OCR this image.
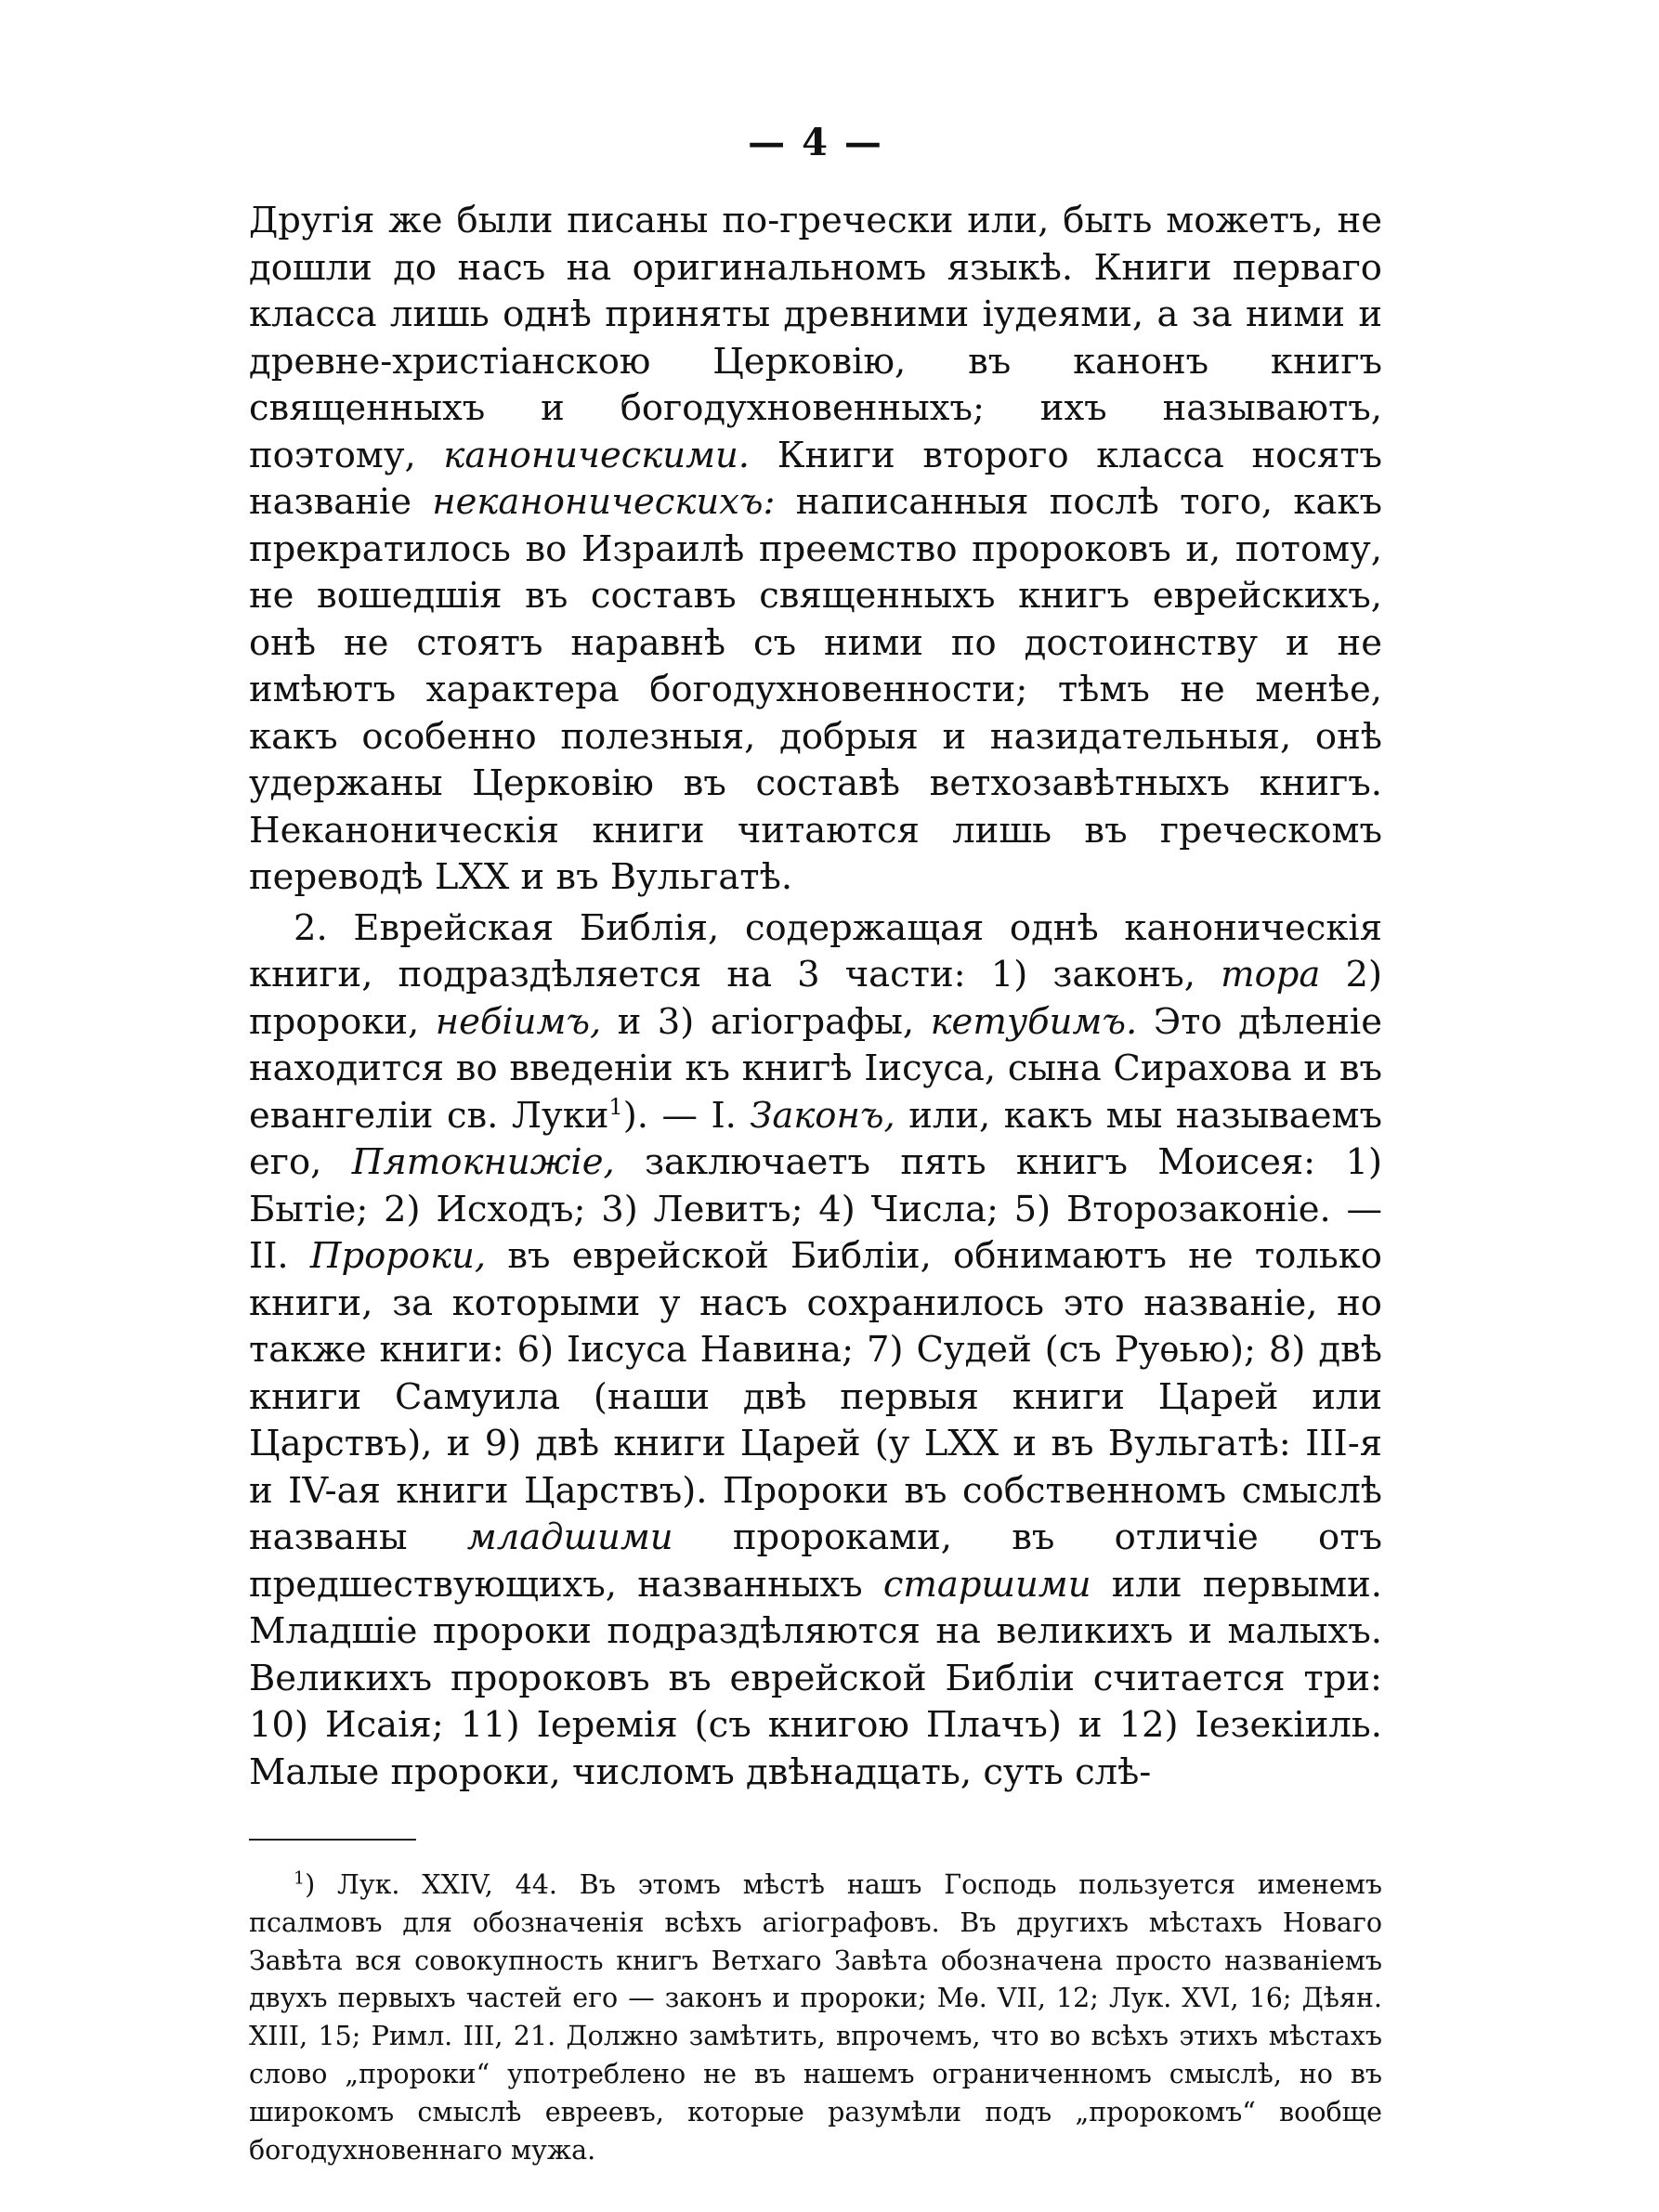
— 4 —

Другія же были писаны по-гречески или, быть можетъ, не дошли до насъ на оригинальномъ языкѣ. Книги перваго класса лишь однѣ приняты древними іудеями, а за ними и древне-христіанскою Церковію, въ канонъ книгъ священныхъ и богодухновенныхъ; ихъ называютъ, поэтому, каноническими. Книги второго класса носятъ названіе неканоническихъ: написанныя послѣ того, какъ прекратилось во Израилѣ преемство пророковъ и, потому, не вошедшія въ составъ священныхъ книгъ еврейскихъ, онѣ не стоятъ наравнѣ съ ними по достоинству и не имѣютъ характера богодухновенности; тѣмъ не менѣе, какъ особенно полезныя, добрыя и назидательныя, онѣ удержаны Церковію въ составѣ ветхозавѣтныхъ книгъ. Неканоническія книги читаются лишь въ греческомъ переводѣ LXX и въ Вульгатѣ.

2. Еврейская Библія, содержащая однѣ каноническія книги, подраздѣляется на 3 части: 1) законъ, тора 2) пророки, небіимъ, и 3) агіографы, кетубимъ. Это дѣленіе находится во введеніи къ книгѣ Іисуса, сына Сирахова и въ евангеліи св. Луки$^1$). — I. Законъ, или, какъ мы называемъ его, Пятокнижіе, заключаетъ пять книгъ Моисея: 1) Бытіе; 2) Исходъ; 3) Левитъ; 4) Числа; 5) Второзаконіе. — II. Пророки, въ еврейской Библіи, обнимаютъ не только книги, за которыми у насъ сохранилось это названіе, но также книги: 6) Іисуса Навина; 7) Судей (съ Руѳью); 8) двѣ книги Самуила (наши двѣ первыя книги Царей или Царствъ), и 9) двѣ книги Царей (у LXX и въ Вульгатѣ: III-я и IV-ая книги Царствъ). Пророки въ собственномъ смыслѣ названы младшими пророками, въ отличіе отъ предшествующихъ, названныхъ старшими или первыми. Младшіе пророки подраздѣляются на великихъ и малыхъ. Великихъ пророковъ въ еврейской Библіи считается три: 10) Исаія; 11) Іеремія (съ книгою Плачъ) и 12) Іезекіиль. Малые пророки, числомъ двѣнадцать, суть слѣ-

$^1$) Лук. XXIV, 44. Въ этомъ мѣстѣ нашъ Господь пользуется именемъ псалмовъ для обозначенія всѣхъ агіографовъ. Въ другихъ мѣстахъ Новаго Завѣта вся совокупность книгъ Ветхаго Завѣта обозначена просто названіемъ двухъ первыхъ частей его — законъ и пророки; Мѳ. VII, 12; Лук. XVI, 16; Дѣян. XIII, 15; Римл. III, 21. Должно замѣтить, впрочемъ, что во всѣхъ этихъ мѣстахъ слово „пророки“ употреблено не въ нашемъ ограниченномъ смыслѣ, но въ широкомъ смыслѣ евреевъ, которые разумѣли подъ „пророкомъ“ вообще богодухновеннаго мужа.
